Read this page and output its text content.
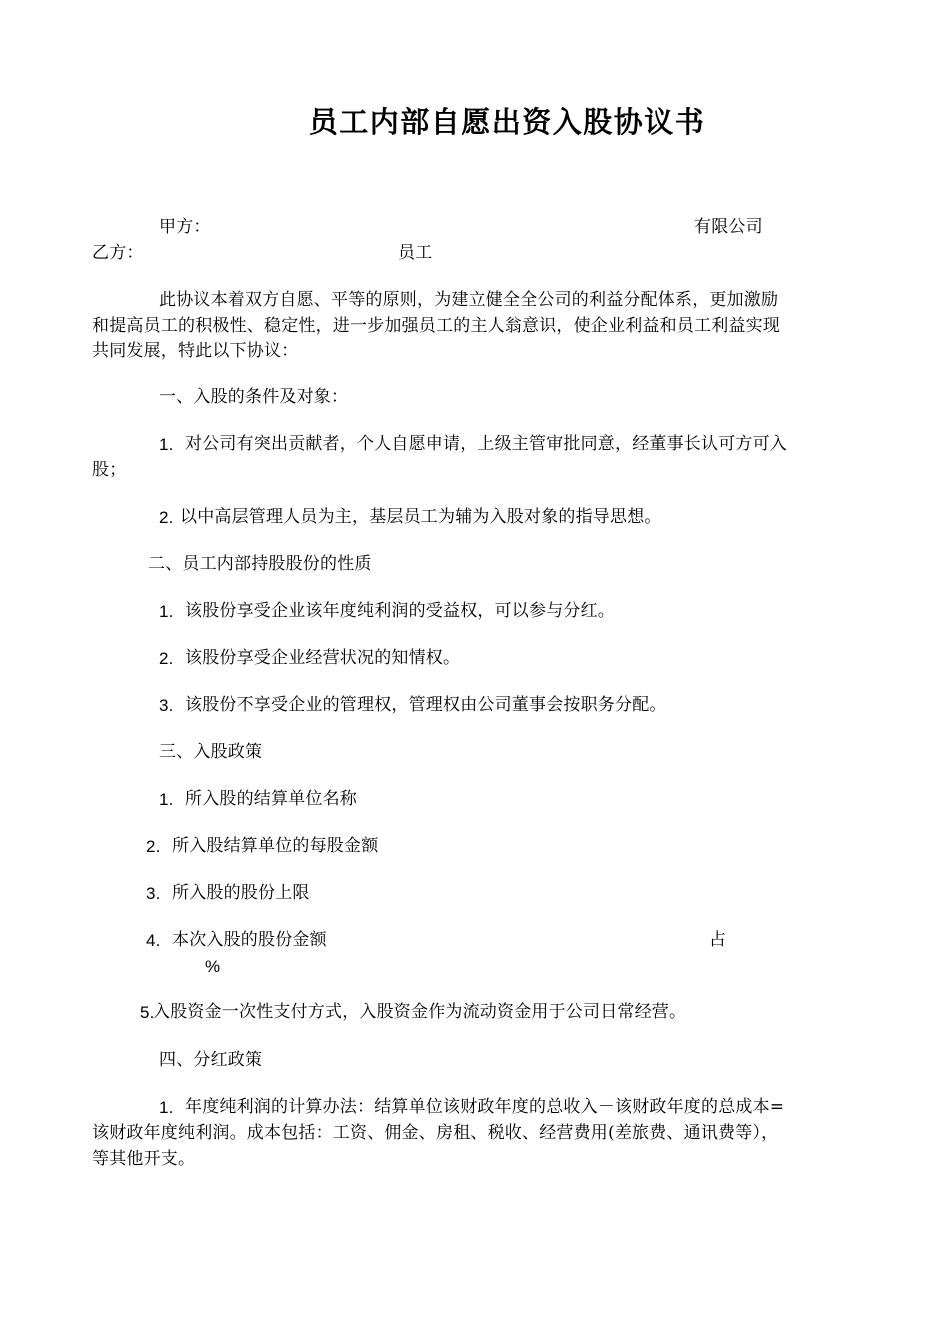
员工内部自愿出资入股协议书
甲方：	有限公司
乙方：	员工
此协议本着双方自愿、平等的原则，为建立健全全公司的利益分配体系，更加激励
和提高员工的积极性、稳定性，进一步加强员工的主人翁意识，使企业利益和员工利益实现
共同发展，特此以下协议：
一、入股的条件及对象：
1. 对公司有突出贡献者，个人自愿申请，上级主管审批同意，经董事长认可方可入
股；
2. 以中高层管理人员为主，基层员工为辅为入股对象的指导思想。
二、员工内部持股股份的性质
1. 该股份享受企业该年度纯利润的受益权，可以参与分红。
2. 该股份享受企业经营状况的知情权。
3. 该股份不享受企业的管理权，管理权由公司董事会按职务分配。
三、入股政策
1. 所入股的结算单位名称
2. 所入股结算单位的每股金额
3. 所入股的股份上限
4. 本次入股的股份金额	占
%
5.
入股资金一次性支付方式，入股资金作为流动资金用于公司日常经营。
四、分红政策
1. 年度纯利润的计算办法：结算单位该财政年度的总收入－该财政年度的总成本=
该财政年度纯利润。成本包括：工资、佣金、房租、税收、经营费用(差旅费、通讯费等），
等其他开支。
